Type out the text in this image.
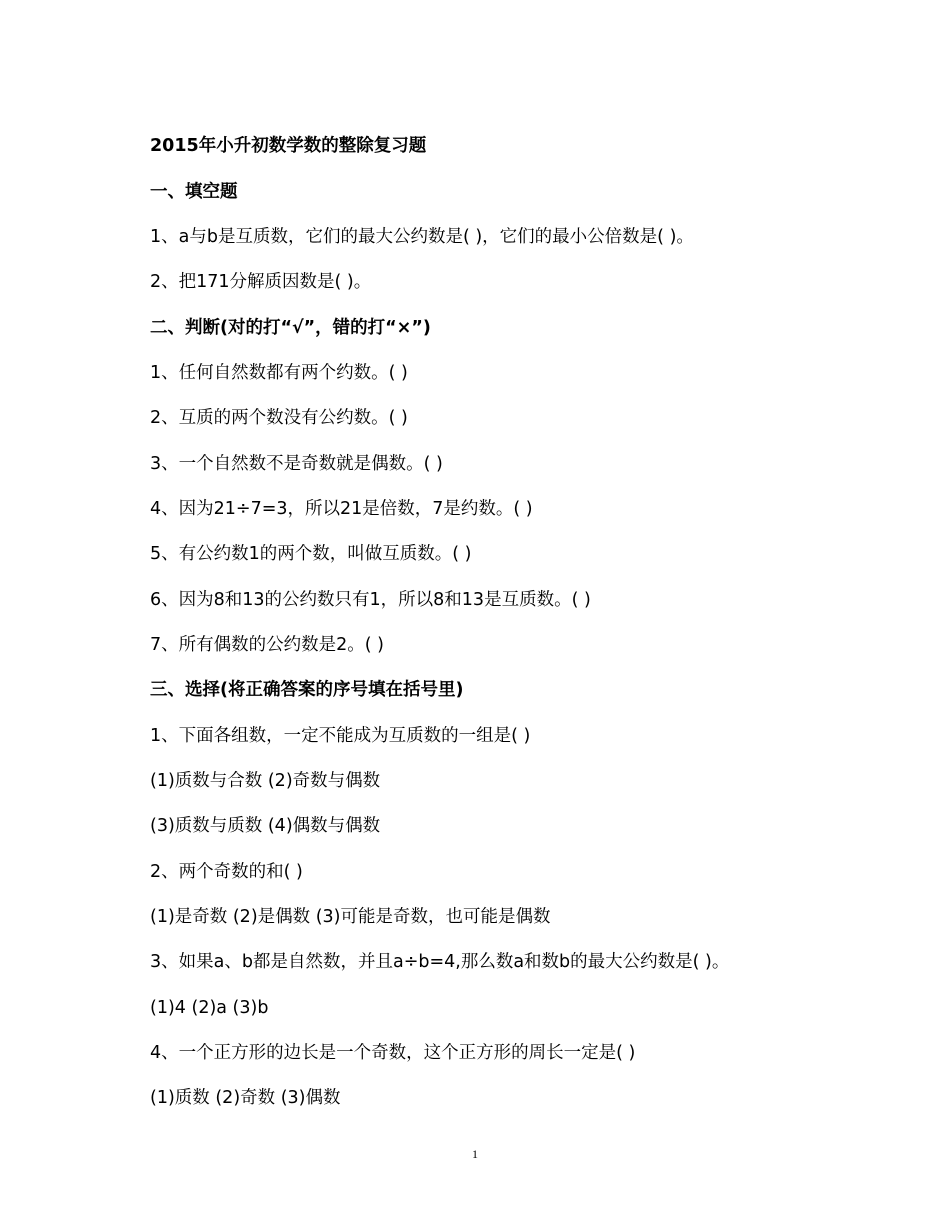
2015年小升初数学数的整除复习题
一、填空题
1、a与b是互质数，它们的最大公约数是( )，它们的最小公倍数是( )。
2、把171分解质因数是( )。
二、判断(对的打“√”，错的打“×”)
1、任何自然数都有两个约数。( )
2、互质的两个数没有公约数。( )
3、一个自然数不是奇数就是偶数。( )
4、因为21÷7=3，所以21是倍数，7是约数。( )
5、有公约数1的两个数，叫做互质数。( )
6、因为8和13的公约数只有1，所以8和13是互质数。( )
7、所有偶数的公约数是2。( )
三、选择(将正确答案的序号填在括号里)
1、下面各组数，一定不能成为互质数的一组是( )
(1)质数与合数 (2)奇数与偶数
(3)质数与质数 (4)偶数与偶数
2、两个奇数的和( )
(1)是奇数 (2)是偶数 (3)可能是奇数，也可能是偶数
3、如果a、b都是自然数，并且a÷b=4,那么数a和数b的最大公约数是( )。
(1)4 (2)a (3)b
4、一个正方形的边长是一个奇数，这个正方形的周长一定是( )
(1)质数 (2)奇数 (3)偶数
1
